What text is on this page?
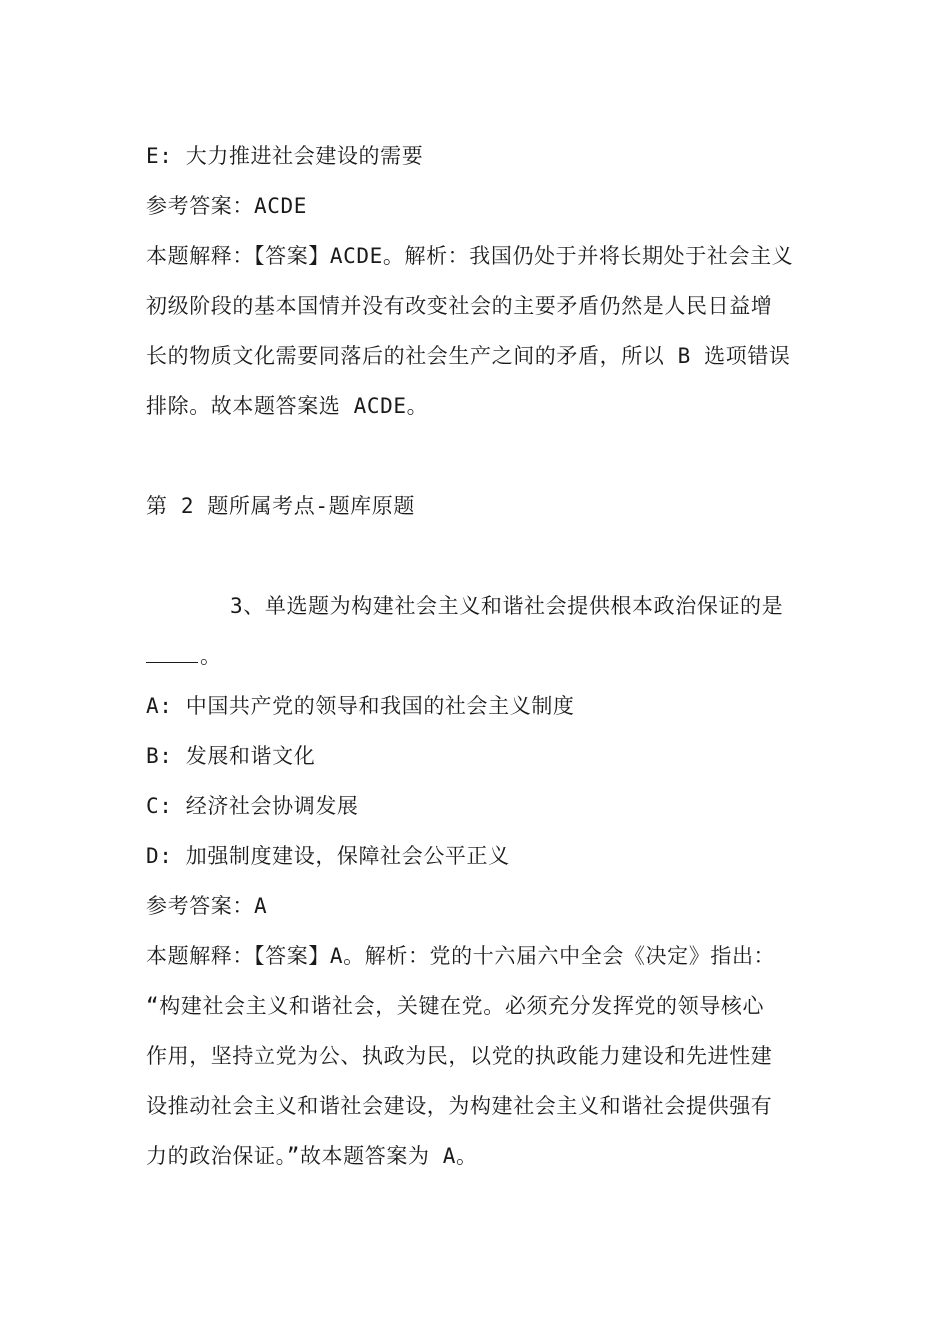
E: 大力推进社会建设的需要
参考答案：ACDE
本题解释：【答案】ACDE。解析：我国仍处于并将长期处于社会主义
初级阶段的基本国情并没有改变社会的主要矛盾仍然是人民日益增
长的物质文化需要同落后的社会生产之间的矛盾，所以 B 选项错误
排除。故本题答案选 ACDE。
第 2 题所属考点-题库原题
3、单选题为构建社会主义和谐社会提供根本政治保证的是
。
A: 中国共产党的领导和我国的社会主义制度
B: 发展和谐文化
C: 经济社会协调发展
D: 加强制度建设，保障社会公平正义
参考答案：A
本题解释：【答案】A。解析：党的十六届六中全会《决定》指出：
“构建社会主义和谐社会，关键在党。必须充分发挥党的领导核心
作用，坚持立党为公、执政为民，以党的执政能力建设和先进性建
设推动社会主义和谐社会建设，为构建社会主义和谐社会提供强有
力的政治保证。”故本题答案为 A。
